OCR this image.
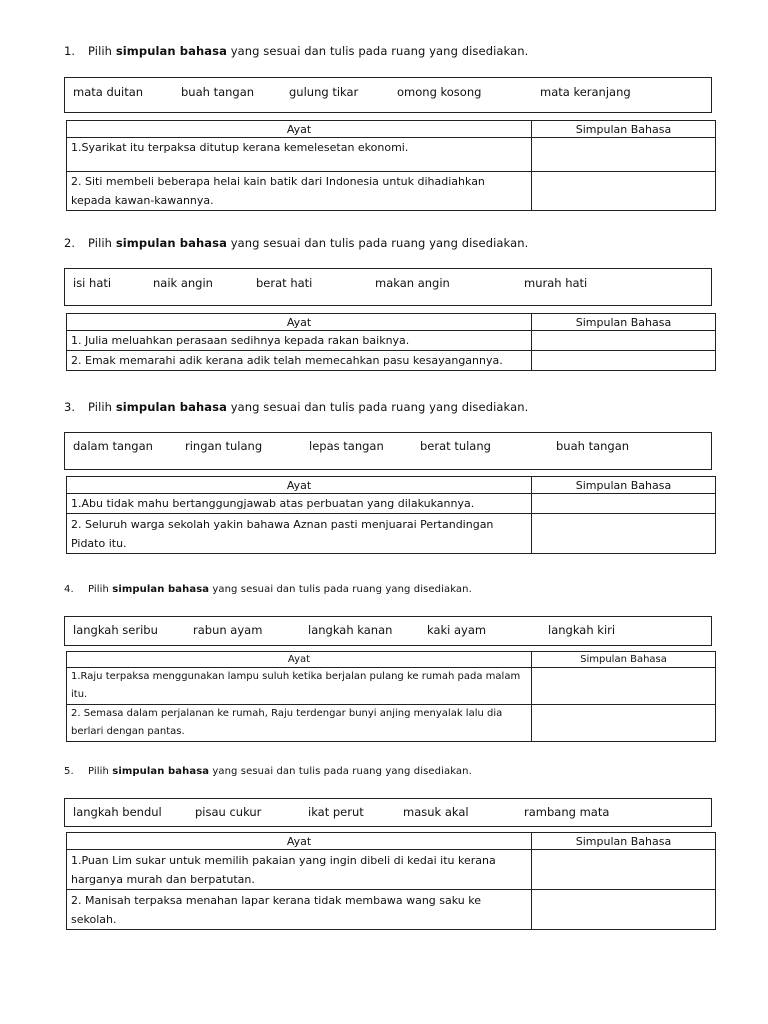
1. Pilih simpulan bahasa yang sesuai dan tulis pada ruang yang disediakan.
mata duitan	buah tangan	gulung tikar	omong kosong	mata keranjang
Ayat	Simpulan Bahasa
1.Syarikat itu terpaksa ditutup kerana kemelesetan ekonomi.	
2. Siti membeli beberapa helai kain batik dari Indonesia untuk dihadiahkan kepada kawan-kawannya.	
2. Pilih simpulan bahasa yang sesuai dan tulis pada ruang yang disediakan.
isi hati	naik angin	berat hati	makan angin	murah hati
Ayat	Simpulan Bahasa
1. Julia meluahkan perasaan sedihnya kepada rakan baiknya.	
2. Emak memarahi adik kerana adik telah memecahkan pasu kesayangannya.	
3. Pilih simpulan bahasa yang sesuai dan tulis pada ruang yang disediakan.
dalam tangan	ringan tulang	lepas tangan	berat tulang	buah tangan
Ayat	Simpulan Bahasa
1.Abu tidak mahu bertanggungjawab atas perbuatan yang dilakukannya.	
2. Seluruh warga sekolah yakin bahawa Aznan pasti menjuarai Pertandingan Pidato itu.	
4. Pilih simpulan bahasa yang sesuai dan tulis pada ruang yang disediakan.
langkah seribu	rabun ayam	langkah kanan	kaki ayam	langkah kiri
Ayat	Simpulan Bahasa
1.Raju terpaksa menggunakan lampu suluh ketika berjalan pulang ke rumah pada malam itu.	
2. Semasa dalam perjalanan ke rumah, Raju terdengar bunyi anjing menyalak lalu dia berlari dengan pantas.	
5. Pilih simpulan bahasa yang sesuai dan tulis pada ruang yang disediakan.
langkah bendul	pisau cukur	ikat perut	masuk akal	rambang mata
Ayat	Simpulan Bahasa
1.Puan Lim sukar untuk memilih pakaian yang ingin dibeli di kedai itu kerana harganya murah dan berpatutan.	
2. Manisah terpaksa menahan lapar kerana tidak membawa wang saku ke sekolah.	
